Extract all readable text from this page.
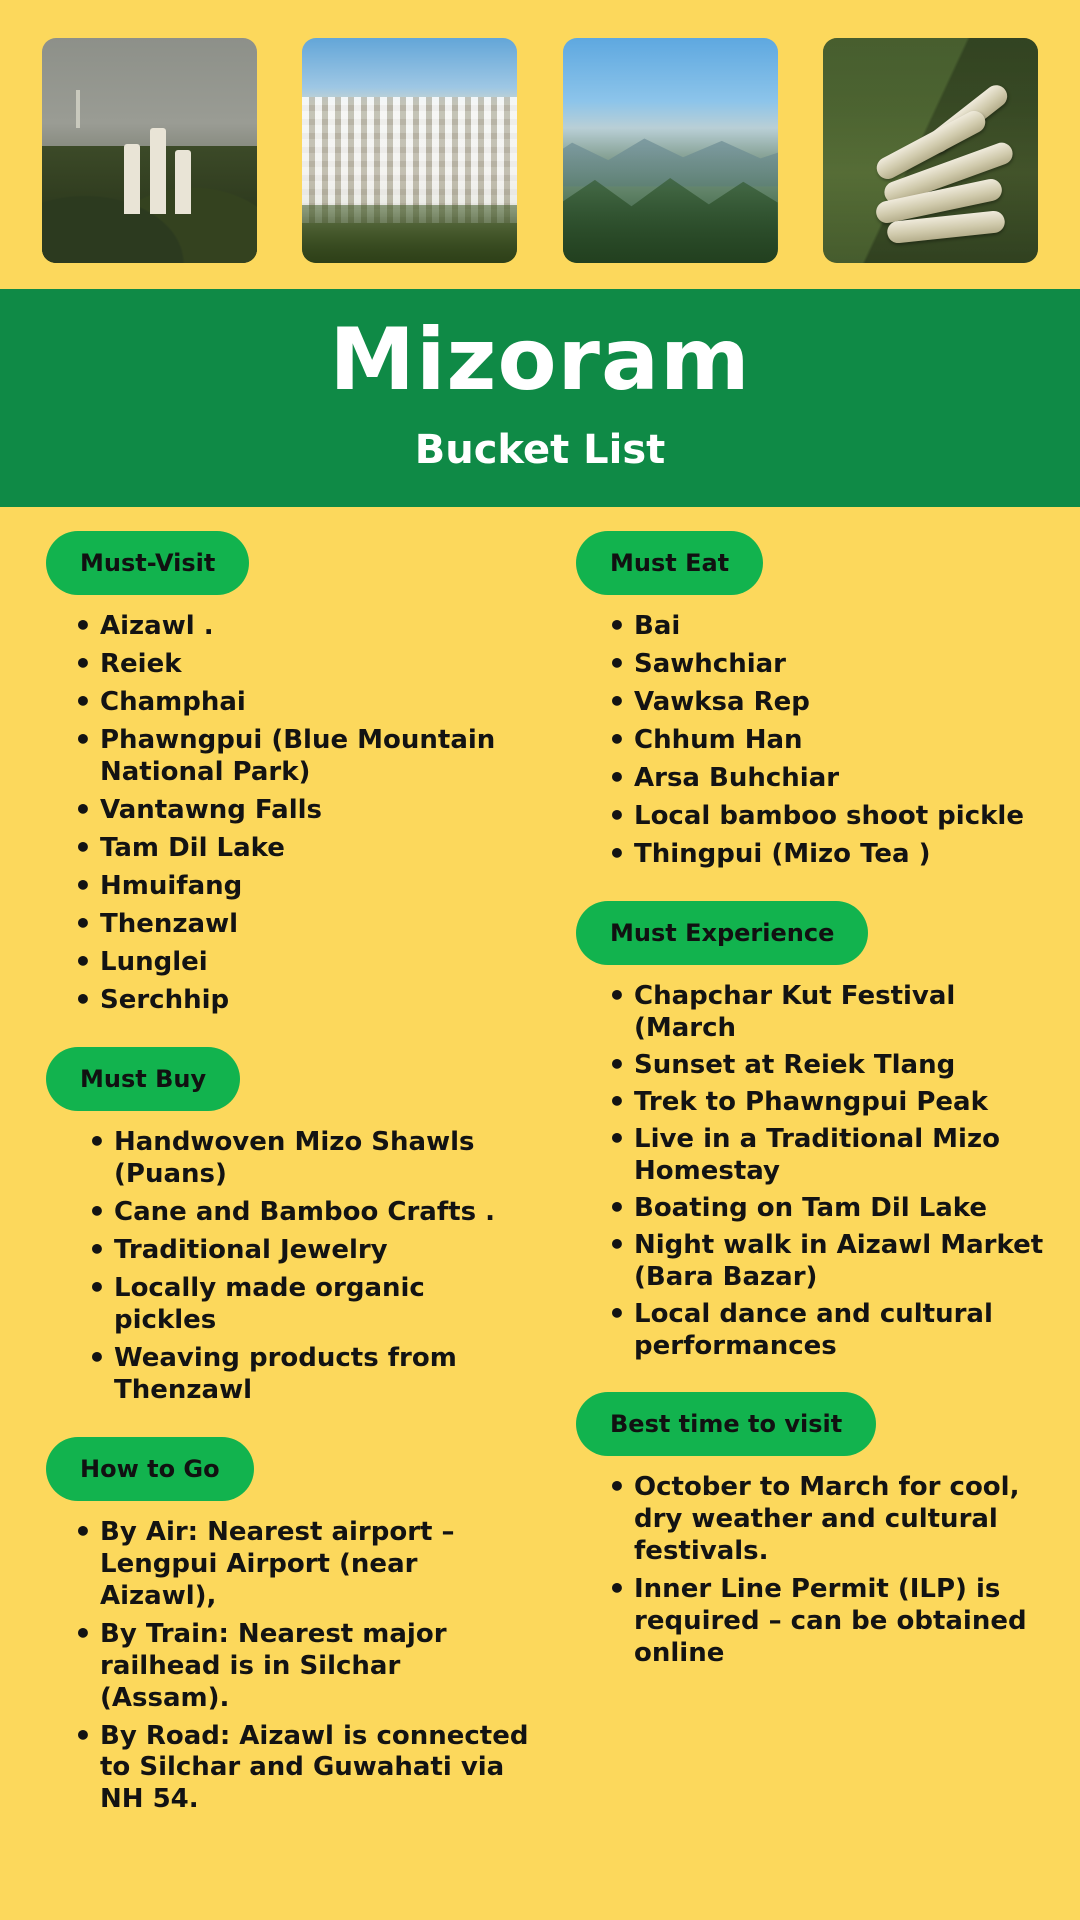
Mizoram
Bucket List
Must-Visit
• Aizawl .
• Reiek
• Champhai
• Phawngpui (Blue Mountain National Park)
• Vantawng Falls
• Tam Dil Lake
• Hmuifang
• Thenzawl
• Lunglei
• Serchhip
Must Buy
• Handwoven Mizo Shawls (Puans)
• Cane and Bamboo Crafts .
• Traditional Jewelry
• Locally made organic pickles
• Weaving products from Thenzawl
How to Go
• By Air: Nearest airport – Lengpui Airport (near Aizawl),
• By Train: Nearest major railhead is in Silchar (Assam).
• By Road: Aizawl is connected to Silchar and Guwahati via NH 54.
Must Eat
• Bai
• Sawhchiar
• Vawksa Rep
• Chhum Han
• Arsa Buhchiar
• Local bamboo shoot pickle
• Thingpui (Mizo Tea )
Must Experience
• Chapchar Kut Festival (March
• Sunset at Reiek Tlang
• Trek to Phawngpui Peak
• Live in a Traditional Mizo Homestay
• Boating on Tam Dil Lake
• Night walk in Aizawl Market (Bara Bazar)
• Local dance and cultural performances
Best time to visit
• October to March for cool, dry weather and cultural festivals.
• Inner Line Permit (ILP) is required – can be obtained online
